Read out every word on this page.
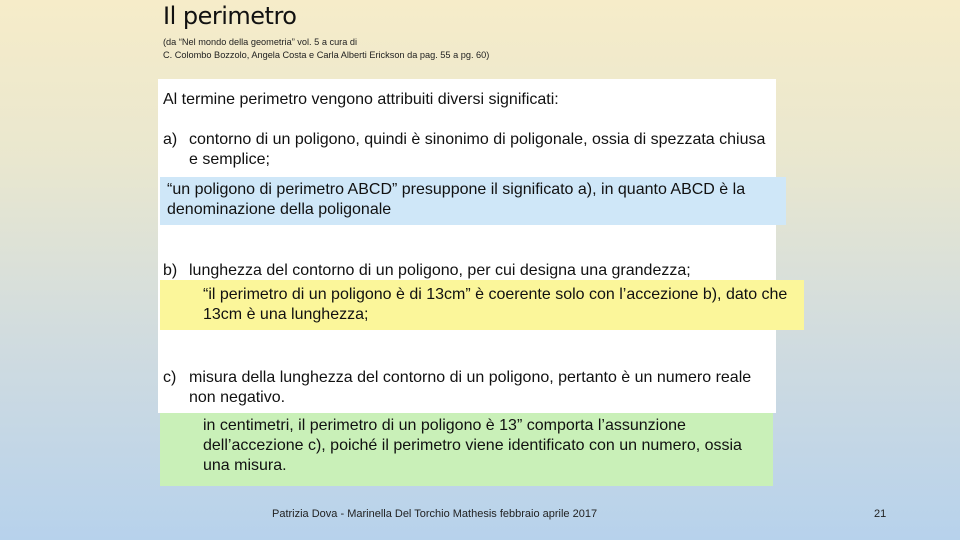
Il perimetro
(da “Nel mondo della geometria” vol. 5 a cura di
C. Colombo Bozzolo, Angela Costa e Carla Alberti Erickson da pag. 55 a pg. 60)
Al termine perimetro vengono attribuiti diversi significati:
a) contorno di un poligono, quindi è sinonimo di poligonale, ossia di spezzata chiusa e semplice;
“un poligono di perimetro ABCD” presuppone il significato a), in quanto ABCD è la denominazione della poligonale
b) lunghezza del contorno di un poligono, per cui designa una grandezza;
“il perimetro di un poligono è di 13cm” è coerente solo con l’accezione b), dato che 13cm è una lunghezza;
c) misura della lunghezza del contorno di un poligono, pertanto è un numero reale non negativo.
in centimetri, il perimetro di un poligono è 13” comporta l’assunzione dell’accezione c), poiché il perimetro viene identificato con un numero, ossia una misura.
Patrizia Dova - Marinella Del Torchio Mathesis febbraio aprile 2017	21
